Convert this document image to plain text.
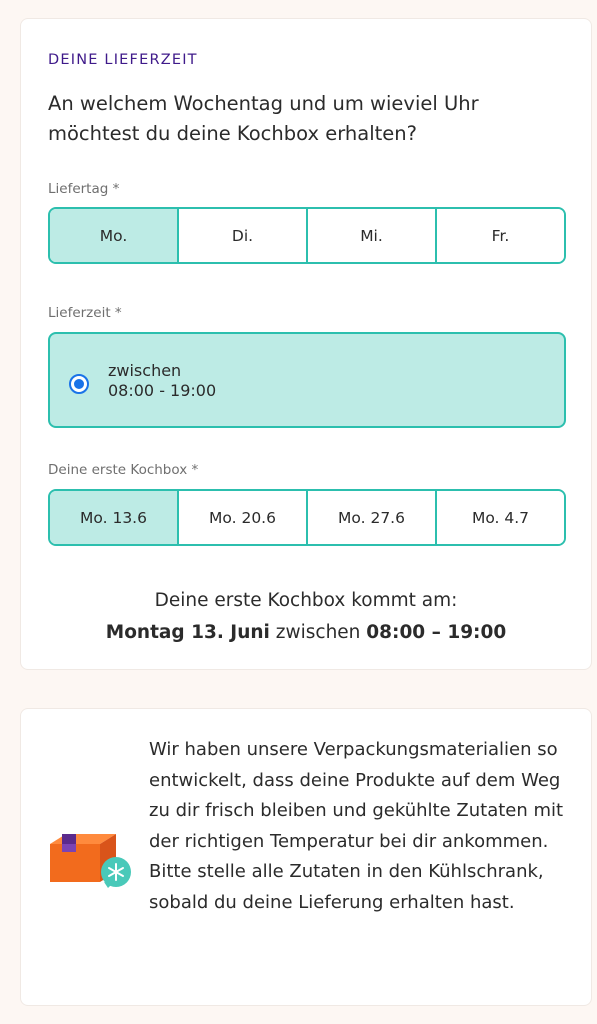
DEINE LIEFERZEIT
An welchem Wochentag und um wieviel Uhr möchtest du deine Kochbox erhalten?
Liefertag *
Mo.	Di.	Mi.	Fr.
Lieferzeit *
zwischen
08:00 - 19:00
Deine erste Kochbox *
Mo. 13.6	Mo. 20.6	Mo. 27.6	Mo. 4.7
Deine erste Kochbox kommt am:
Montag 13. Juni zwischen 08:00 – 19:00
Wir haben unsere Verpackungsmaterialien so entwickelt, dass deine Produkte auf dem Weg zu dir frisch bleiben und gekühlte Zutaten mit der richtigen Temperatur bei dir ankommen. Bitte stelle alle Zutaten in den Kühlschrank, sobald du deine Lieferung erhalten hast.
